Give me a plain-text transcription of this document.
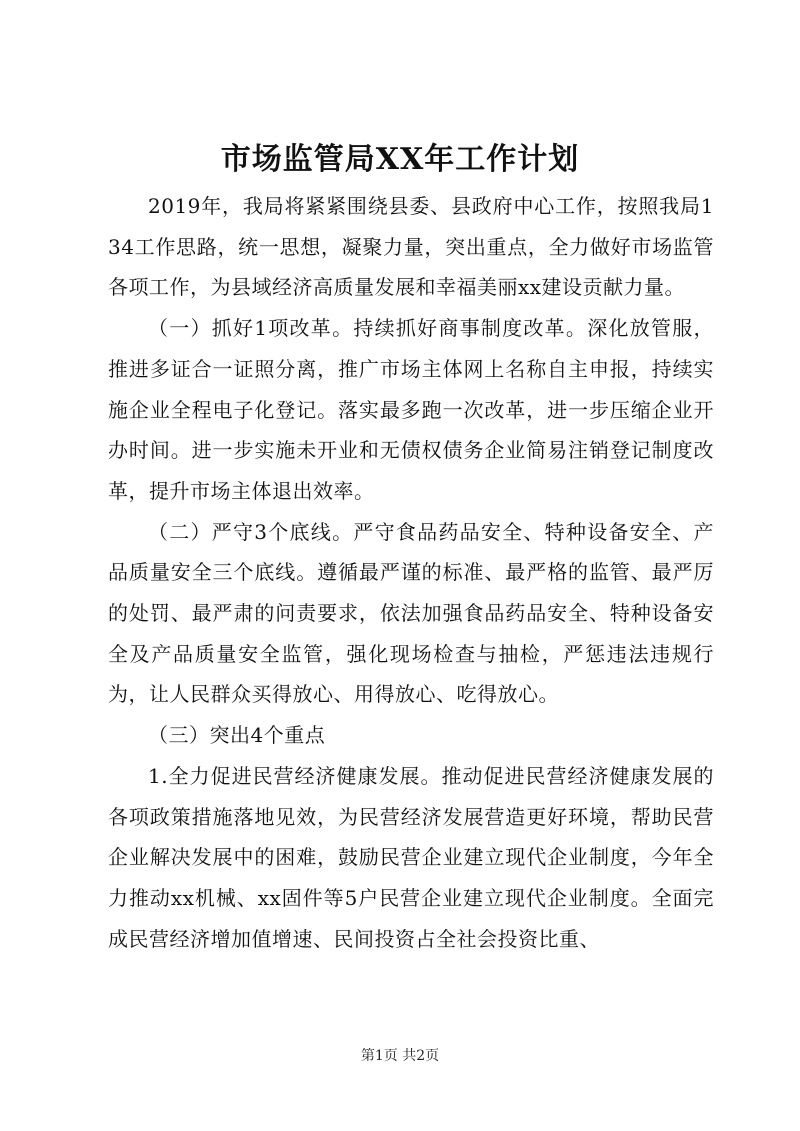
市场监管局XX年工作计划

2019年，我局将紧紧围绕县委、县政府中心工作，按照我局134工作思路，统一思想，凝聚力量，突出重点，全力做好市场监管各项工作，为县域经济高质量发展和幸福美丽xx建设贡献力量。

（一）抓好1项改革。持续抓好商事制度改革。深化放管服，推进多证合一证照分离，推广市场主体网上名称自主申报，持续实施企业全程电子化登记。落实最多跑一次改革，进一步压缩企业开办时间。进一步实施未开业和无债权债务企业简易注销登记制度改革，提升市场主体退出效率。

（二）严守3个底线。严守食品药品安全、特种设备安全、产品质量安全三个底线。遵循最严谨的标准、最严格的监管、最严厉的处罚、最严肃的问责要求，依法加强食品药品安全、特种设备安全及产品质量安全监管，强化现场检查与抽检，严惩违法违规行为，让人民群众买得放心、用得放心、吃得放心。

（三）突出4个重点

1.全力促进民营经济健康发展。推动促进民营经济健康发展的各项政策措施落地见效，为民营经济发展营造更好环境，帮助民营企业解决发展中的困难，鼓励民营企业建立现代企业制度，今年全力推动xx机械、xx固件等5户民营企业建立现代企业制度。全面完成民营经济增加值增速、民间投资占全社会投资比重、

第1页 共2页
